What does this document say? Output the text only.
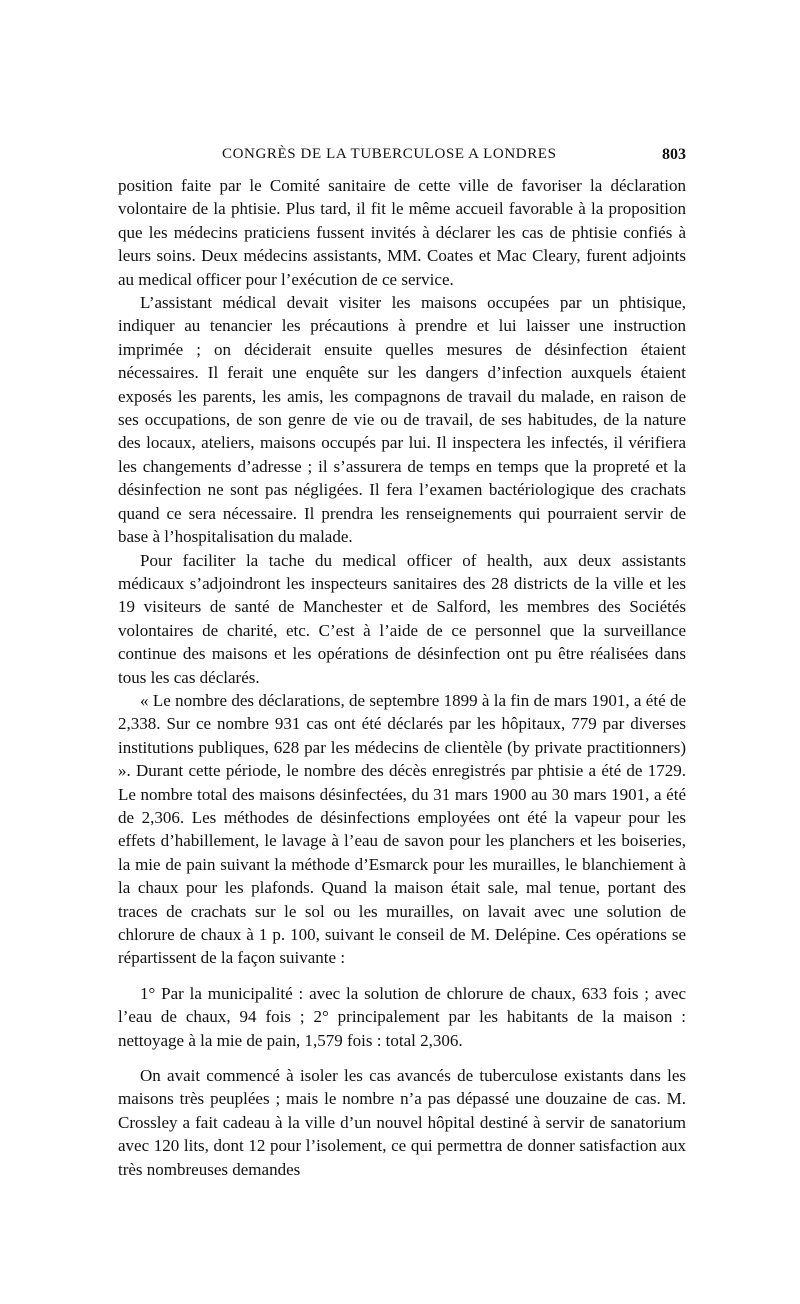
CONGRÈS DE LA TUBERCULOSE A LONDRES	803

position faite par le Comité sanitaire de cette ville de favoriser la déclaration volontaire de la phtisie. Plus tard, il fit le même accueil favorable à la proposition que les médecins praticiens fussent invités à déclarer les cas de phtisie confiés à leurs soins. Deux médecins assistants, MM. Coates et Mac Cleary, furent adjoints au medical officer pour l’exécution de ce service.

L’assistant médical devait visiter les maisons occupées par un phtisique, indiquer au tenancier les précautions à prendre et lui laisser une instruction imprimée ; on déciderait ensuite quelles mesures de désinfection étaient nécessaires. Il ferait une enquête sur les dangers d’infection auxquels étaient exposés les parents, les amis, les compagnons de travail du malade, en raison de ses occupations, de son genre de vie ou de travail, de ses habitudes, de la nature des locaux, ateliers, maisons occupés par lui. Il inspectera les infectés, il vérifiera les changements d’adresse ; il s’assurera de temps en temps que la propreté et la désinfection ne sont pas négligées. Il fera l’examen bactériologique des crachats quand ce sera nécessaire. Il prendra les renseignements qui pourraient servir de base à l’hospitalisation du malade.

Pour faciliter la tache du medical officer of health, aux deux assistants médicaux s’adjoindront les inspecteurs sanitaires des 28 districts de la ville et les 19 visiteurs de santé de Manchester et de Salford, les membres des Sociétés volontaires de charité, etc. C’est à l’aide de ce personnel que la surveillance continue des maisons et les opérations de désinfection ont pu être réalisées dans tous les cas déclarés.

« Le nombre des déclarations, de septembre 1899 à la fin de mars 1901, a été de 2,338. Sur ce nombre 931 cas ont été déclarés par les hôpitaux, 779 par diverses institutions publiques, 628 par les médecins de clientèle (by private practitionners) ». Durant cette période, le nombre des décès enregistrés par phtisie a été de 1729. Le nombre total des maisons désinfectées, du 31 mars 1900 au 30 mars 1901, a été de 2,306. Les méthodes de désinfections employées ont été la vapeur pour les effets d’habillement, le lavage à l’eau de savon pour les planchers et les boiseries, la mie de pain suivant la méthode d’Esmarck pour les murailles, le blanchiement à la chaux pour les plafonds. Quand la maison était sale, mal tenue, portant des traces de crachats sur le sol ou les murailles, on lavait avec une solution de chlorure de chaux à 1 p. 100, suivant le conseil de M. Delépine. Ces opérations se répartissent de la façon suivante :

1° Par la municipalité : avec la solution de chlorure de chaux, 633 fois ; avec l’eau de chaux, 94 fois ; 2° principalement par les habitants de la maison : nettoyage à la mie de pain, 1,579 fois : total 2,306.

On avait commencé à isoler les cas avancés de tuberculose existants dans les maisons très peuplées ; mais le nombre n’a pas dépassé une douzaine de cas. M. Crossley a fait cadeau à la ville d’un nouvel hôpital destiné à servir de sanatorium avec 120 lits, dont 12 pour l’isolement, ce qui permettra de donner satisfaction aux très nombreuses demandes
